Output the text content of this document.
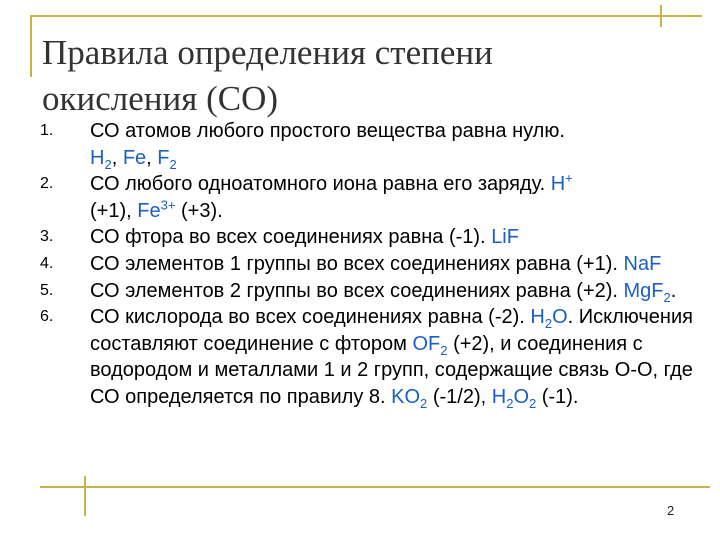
Правила определения степени
окисления (СО)
1. СО атомов любого простого вещества равна нулю.
$H_2$, Fe, $F_2$
2. СО любого одноатомного иона равна его заряду. H+
(+1), $Fe^{3+}$ (+3).
3. СО фтора во всех соединениях равна (-1). LiF
4. СО элементов 1 группы во всех соединениях равна (+1). NaF
5. СО элементов 2 группы во всех соединениях равна (+2). MgF$_2$.
6. СО кислорода во всех соединениях равна (-2). $H_2O$. Исключения составляют соединение с фтором $OF_2$ (+2), и соединения с водородом и металлами 1 и 2 групп, содержащие связь О-О, где СО определяется по правилу 8. $KO_2$ (-1/2), $H_2O_2$ (-1).
2
